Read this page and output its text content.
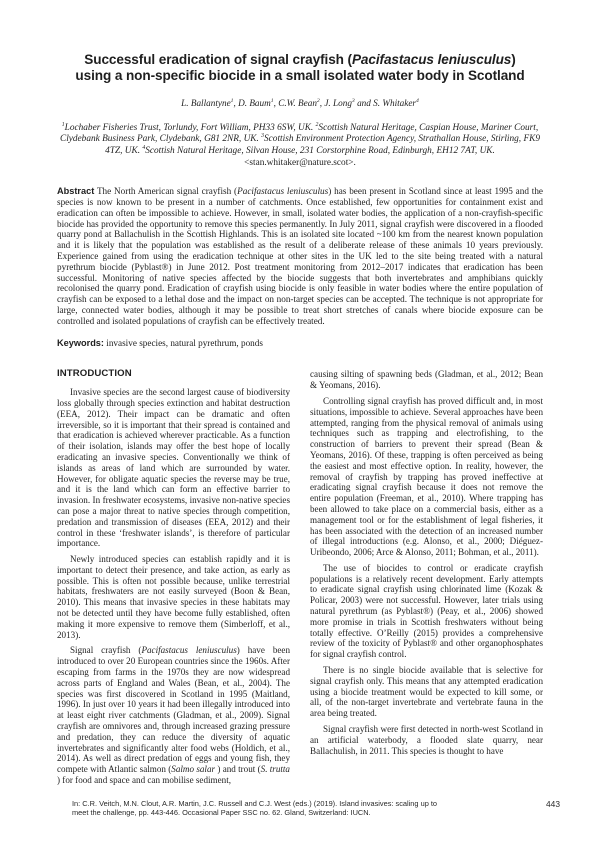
Successful eradication of signal crayfish (Pacifastacus leniusculus)
using a non-specific biocide in a small isolated water body in Scotland
L. Ballantyne$^1$, D. Baum$^1$, C.W. Bean$^2$, J. Long$^3$ and S. Whitaker$^4$
$^1$Lochaber Fisheries Trust, Torlundy, Fort William, PH33 6SW, UK. $^2$Scottish Natural Heritage, Caspian House, Mariner Court, Clydebank Business Park, Clydebank, G81 2NR, UK. $^3$Scottish Environment Protection Agency, Strathallan House, Stirling, FK9 4TZ, UK. $^4$Scottish Natural Heritage, Silvan House, 231 Corstorphine Road, Edinburgh, EH12 7AT, UK. <stan.whitaker@nature.scot>.
Abstract The North American signal crayfish (Pacifastacus leniusculus) has been present in Scotland since at least 1995 and the species is now known to be present in a number of catchments. Once established, few opportunities for containment exist and eradication can often be impossible to achieve. However, in small, isolated water bodies, the application of a non-crayfish-specific biocide has provided the opportunity to remove this species permanently. In July 2011, signal crayfish were discovered in a flooded quarry pond at Ballachulish in the Scottish Highlands. This is an isolated site located ~100 km from the nearest known population and it is likely that the population was established as the result of a deliberate release of these animals 10 years previously. Experience gained from using the eradication technique at other sites in the UK led to the site being treated with a natural pyrethrum biocide (Pyblast®) in June 2012. Post treatment monitoring from 2012–2017 indicates that eradication has been successful. Monitoring of native species affected by the biocide suggests that both invertebrates and amphibians quickly recolonised the quarry pond. Eradication of crayfish using biocide is only feasible in water bodies where the entire population of crayfish can be exposed to a lethal dose and the impact on non-target species can be accepted. The technique is not appropriate for large, connected water bodies, although it may be possible to treat short stretches of canals where biocide exposure can be controlled and isolated populations of crayfish can be effectively treated.
Keywords: invasive species, natural pyrethrum, ponds
INTRODUCTION

Invasive species are the second largest cause of biodiversity loss globally through species extinction and habitat destruction (EEA, 2012). Their impact can be dramatic and often irreversible, so it is important that their spread is contained and that eradication is achieved wherever practicable. As a function of their isolation, islands may offer the best hope of locally eradicating an invasive species. Conventionally we think of islands as areas of land which are surrounded by water. However, for obligate aquatic species the reverse may be true, and it is the land which can form an effective barrier to invasion. In freshwater ecosystems, invasive non-native species can pose a major threat to native species through competition, predation and transmission of diseases (EEA, 2012) and their control in these ‘freshwater islands’, is therefore of particular importance.

Newly introduced species can establish rapidly and it is important to detect their presence, and take action, as early as possible. This is often not possible because, unlike terrestrial habitats, freshwaters are not easily surveyed (Boon & Bean, 2010). This means that invasive species in these habitats may not be detected until they have become fully established, often making it more expensive to remove them (Simberloff, et al., 2013).

Signal crayfish (Pacifastacus leniusculus) have been introduced to over 20 European countries since the 1960s. After escaping from farms in the 1970s they are now widespread across parts of England and Wales (Bean, et al., 2004). The species was first discovered in Scotland in 1995 (Maitland, 1996). In just over 10 years it had been illegally introduced into at least eight river catchments (Gladman, et al., 2009). Signal crayfish are omnivores and, through increased grazing pressure and predation, they can reduce the diversity of aquatic invertebrates and significantly alter food webs (Holdich, et al., 2014). As well as direct predation of eggs and young fish, they compete with Atlantic salmon (Salmo salar ) and trout (S. trutta ) for food and space and can mobilise sediment,

causing silting of spawning beds (Gladman, et al., 2012; Bean & Yeomans, 2016).

Controlling signal crayfish has proved difficult and, in most situations, impossible to achieve. Several approaches have been attempted, ranging from the physical removal of animals using techniques such as trapping and electrofishing, to the construction of barriers to prevent their spread (Bean & Yeomans, 2016). Of these, trapping is often perceived as being the easiest and most effective option. In reality, however, the removal of crayfish by trapping has proved ineffective at eradicating signal crayfish because it does not remove the entire population (Freeman, et al., 2010). Where trapping has been allowed to take place on a commercial basis, either as a management tool or for the establishment of legal fisheries, it has been associated with the detection of an increased number of illegal introductions (e.g. Alonso, et al., 2000; Diéguez-Uribeondo, 2006; Arce & Alonso, 2011; Bohman, et al., 2011).

The use of biocides to control or eradicate crayfish populations is a relatively recent development. Early attempts to eradicate signal crayfish using chlorinated lime (Kozak & Policar, 2003) were not successful. However, later trials using natural pyrethrum (as Pyblast®) (Peay, et al., 2006) showed more promise in trials in Scottish freshwaters without being totally effective. O’Reilly (2015) provides a comprehensive review of the toxicity of Pyblast® and other organophosphates for signal crayfish control.

There is no single biocide available that is selective for signal crayfish only. This means that any attempted eradication using a biocide treatment would be expected to kill some, or all, of the non-target invertebrate and vertebrate fauna in the area being treated.

Signal crayfish were first detected in north-west Scotland in an artificial waterbody, a flooded slate quarry, near Ballachulish, in 2011. This species is thought to have

In: C.R. Veitch, M.N. Clout, A.R. Martin, J.C. Russell and C.J. West (eds.) (2019). Island invasives: scaling up to meet the challenge, pp. 443-446. Occasional Paper SSC no. 62. Gland, Switzerland: IUCN.
443
